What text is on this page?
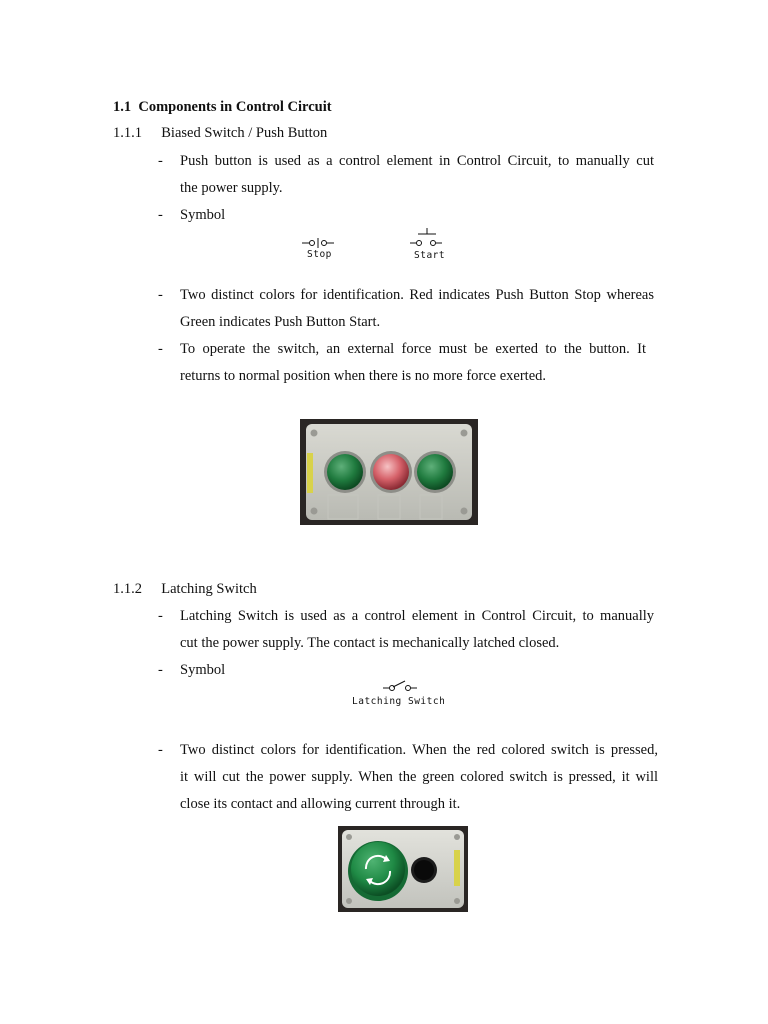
1.1 Components in Control Circuit
1.1.1 Biased Switch / Push Button
- Push button is used as a control element in Control Circuit, to manually cut
the power supply.
- Symbol
Stop	Start
- Two distinct colors for identification. Red indicates Push Button Stop whereas
Green indicates Push Button Start.
- To operate the switch, an external force must be exerted to the button. It
returns to normal position when there is no more force exerted.
1.1.2 Latching Switch
- Latching Switch is used as a control element in Control Circuit, to manually
cut the power supply. The contact is mechanically latched closed.
- Symbol
Latching Switch
- Two distinct colors for identification. When the red colored switch is pressed,
it will cut the power supply. When the green colored switch is pressed, it will
close its contact and allowing current through it.
